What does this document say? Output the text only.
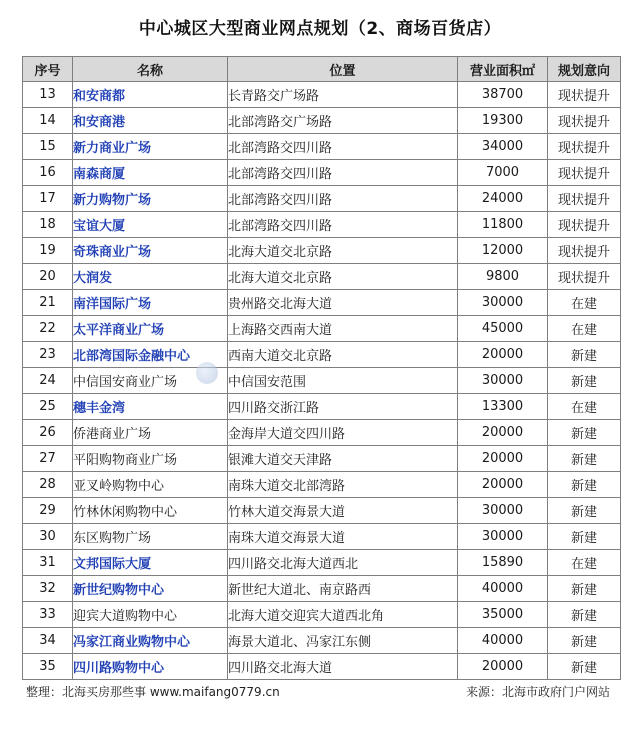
中心城区大型商业网点规划（2、商场百货店）
序号	名称	位置	营业面积㎡	规划意向
13	和安商都	长青路交广场路	38700	现状提升
14	和安商港	北部湾路交广场路	19300	现状提升
15	新力商业广场	北部湾路交四川路	34000	现状提升
16	南森商厦	北部湾路交四川路	7000	现状提升
17	新力购物广场	北部湾路交四川路	24000	现状提升
18	宝谊大厦	北部湾路交四川路	11800	现状提升
19	奇珠商业广场	北海大道交北京路	12000	现状提升
20	大润发	北海大道交北京路	9800	现状提升
21	南洋国际广场	贵州路交北海大道	30000	在建
22	太平洋商业广场	上海路交西南大道	45000	在建
23	北部湾国际金融中心	西南大道交北京路	20000	新建
24	中信国安商业广场	中信国安范围	30000	新建
25	穗丰金湾	四川路交浙江路	13300	在建
26	侨港商业广场	金海岸大道交四川路	20000	新建
27	平阳购物商业广场	银滩大道交天津路	20000	新建
28	亚叉岭购物中心	南珠大道交北部湾路	20000	新建
29	竹林休闲购物中心	竹林大道交海景大道	30000	新建
30	东区购物广场	南珠大道交海景大道	30000	新建
31	文邦国际大厦	四川路交北海大道西北	15890	在建
32	新世纪购物中心	新世纪大道北、南京路西	40000	新建
33	迎宾大道购物中心	北海大道交迎宾大道西北角	35000	新建
34	冯家江商业购物中心	海景大道北、冯家江东侧	40000	新建
35	四川路购物中心	四川路交北海大道	20000	新建
整理：北海买房那些事 www.maifang0779.cn	来源：北海市政府门户网站
